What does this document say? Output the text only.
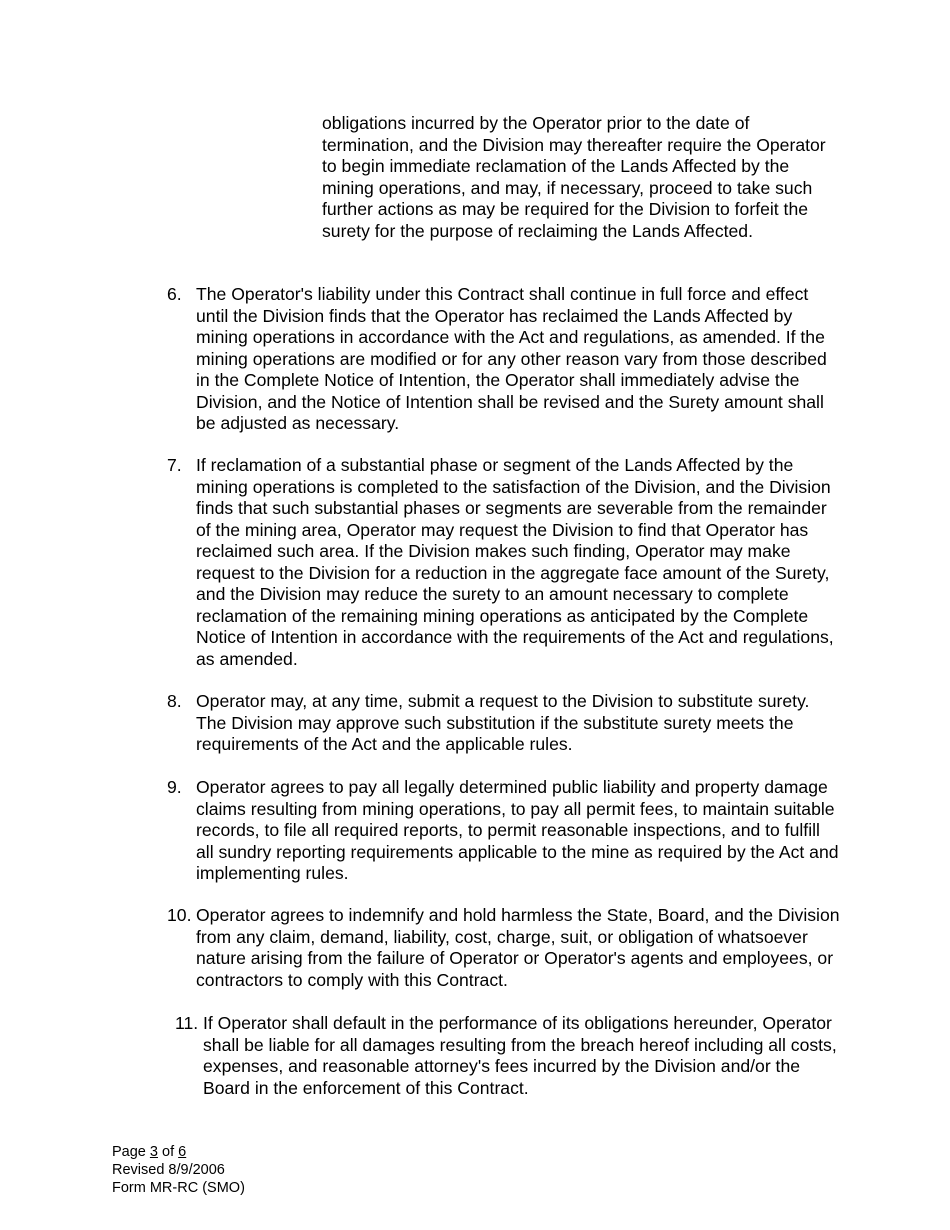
obligations incurred by the Operator prior to the date of termination, and the Division may thereafter require the Operator to begin immediate reclamation of the Lands Affected by the mining operations, and may, if necessary, proceed to take such further actions as may be required for the Division to forfeit the surety for the purpose of reclaiming the Lands Affected.

6. The Operator's liability under this Contract shall continue in full force and effect until the Division finds that the Operator has reclaimed the Lands Affected by mining operations in accordance with the Act and regulations, as amended. If the mining operations are modified or for any other reason vary from those described in the Complete Notice of Intention, the Operator shall immediately advise the Division, and the Notice of Intention shall be revised and the Surety amount shall be adjusted as necessary.

7. If reclamation of a substantial phase or segment of the Lands Affected by the mining operations is completed to the satisfaction of the Division, and the Division finds that such substantial phases or segments are severable from the remainder of the mining area, Operator may request the Division to find that Operator has reclaimed such area. If the Division makes such finding, Operator may make request to the Division for a reduction in the aggregate face amount of the Surety, and the Division may reduce the surety to an amount necessary to complete reclamation of the remaining mining operations as anticipated by the Complete Notice of Intention in accordance with the requirements of the Act and regulations, as amended.

8. Operator may, at any time, submit a request to the Division to substitute surety. The Division may approve such substitution if the substitute surety meets the requirements of the Act and the applicable rules.

9. Operator agrees to pay all legally determined public liability and property damage claims resulting from mining operations, to pay all permit fees, to maintain suitable records, to file all required reports, to permit reasonable inspections, and to fulfill all sundry reporting requirements applicable to the mine as required by the Act and implementing rules.

10. Operator agrees to indemnify and hold harmless the State, Board, and the Division from any claim, demand, liability, cost, charge, suit, or obligation of whatsoever nature arising from the failure of Operator or Operator's agents and employees, or contractors to comply with this Contract.

11. If Operator shall default in the performance of its obligations hereunder, Operator shall be liable for all damages resulting from the breach hereof including all costs, expenses, and reasonable attorney's fees incurred by the Division and/or the Board in the enforcement of this Contract.

Page 3 of 6
Revised 8/9/2006
Form MR-RC (SMO)
